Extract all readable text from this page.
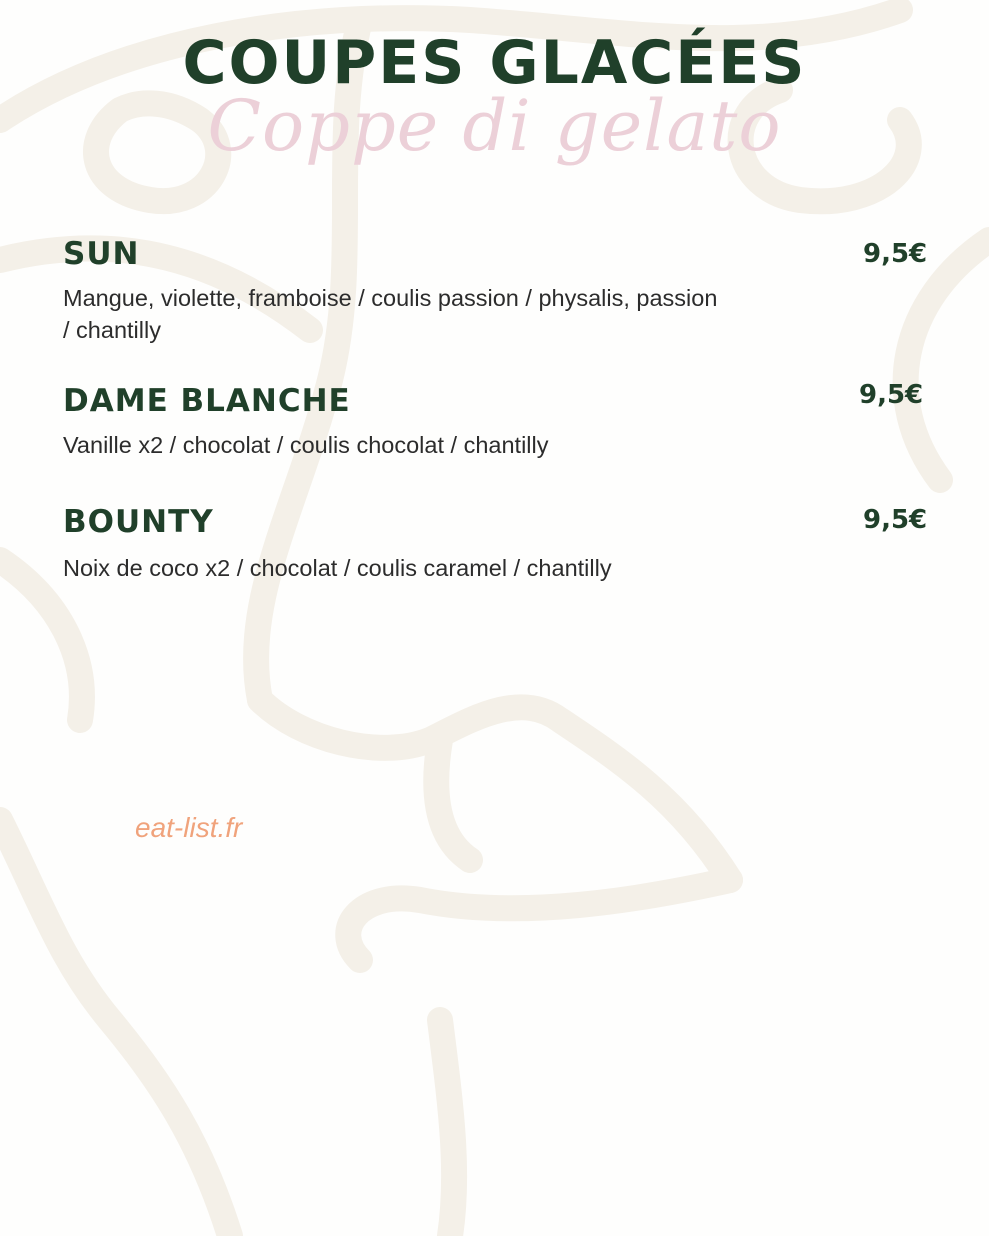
COUPES GLACÉES
Coppe di gelato
SUN	9,5€

Mangue, violette, framboise / coulis passion / physalis, passion / chantilly

DAME BLANCHE	9,5€

Vanille x2 / chocolat / coulis chocolat / chantilly

BOUNTY	9,5€

Noix de coco x2 / chocolat / coulis caramel / chantilly

eat-list.fr
